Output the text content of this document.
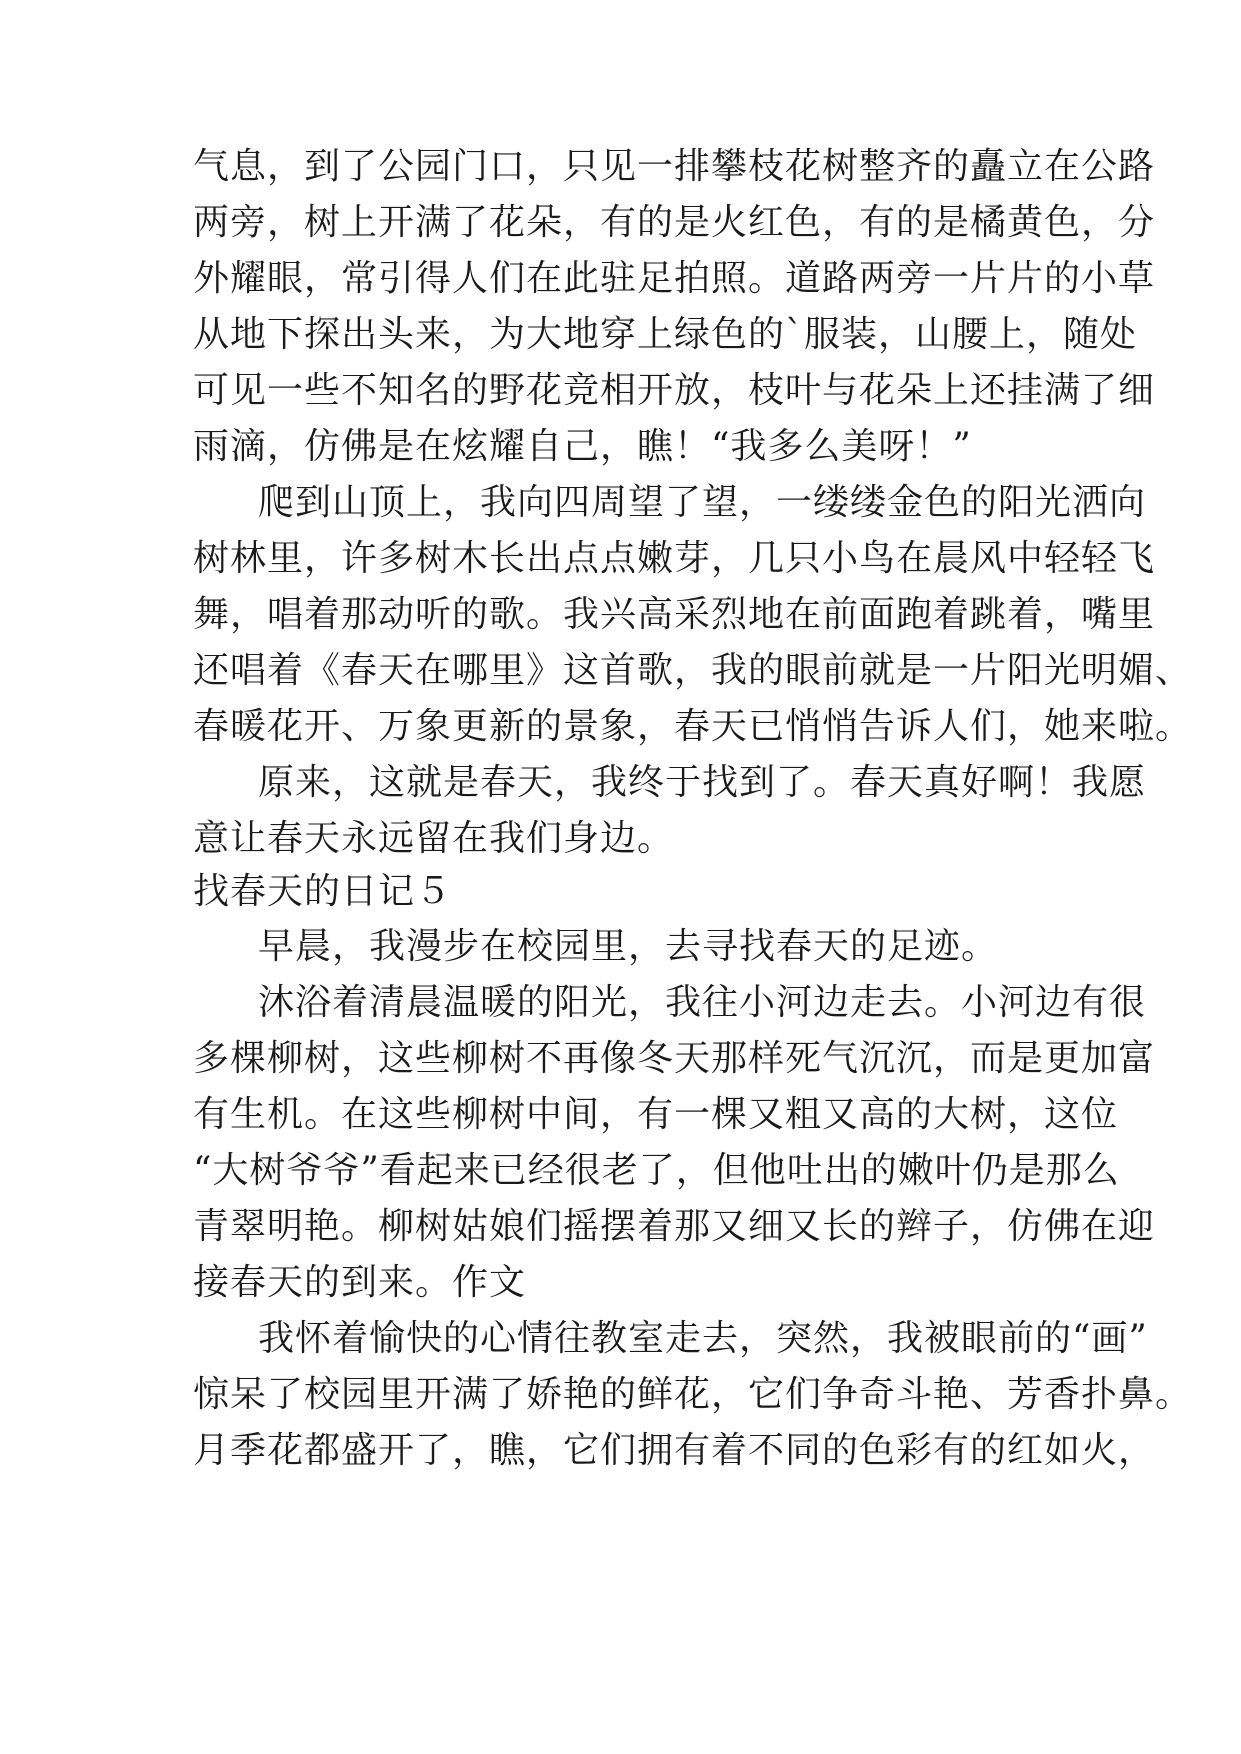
气息，到了公园门口，只见一排攀枝花树整齐的矗立在公路
两旁，树上开满了花朵，有的是火红色，有的是橘黄色，分
外耀眼，常引得人们在此驻足拍照。道路两旁一片片的小草
从地下探出头来，为大地穿上绿色的`服装，山腰上，随处
可见一些不知名的野花竞相开放，枝叶与花朵上还挂满了细
雨滴，仿佛是在炫耀自己，瞧！“我多么美呀！”
爬到山顶上，我向四周望了望，一缕缕金色的阳光洒向
树林里，许多树木长出点点嫩芽，几只小鸟在晨风中轻轻飞
舞，唱着那动听的歌。我兴高采烈地在前面跑着跳着，嘴里
还唱着《春天在哪里》这首歌，我的眼前就是一片阳光明媚、
春暖花开、万象更新的景象，春天已悄悄告诉人们，她来啦。
原来，这就是春天，我终于找到了。春天真好啊！我愿
意让春天永远留在我们身边。
找春天的日记５
早晨，我漫步在校园里，去寻找春天的足迹。
沐浴着清晨温暖的阳光，我往小河边走去。小河边有很
多棵柳树，这些柳树不再像冬天那样死气沉沉，而是更加富
有生机。在这些柳树中间，有一棵又粗又高的大树，这位
“大树爷爷”看起来已经很老了，但他吐出的嫩叶仍是那么
青翠明艳。柳树姑娘们摇摆着那又细又长的辫子，仿佛在迎
接春天的到来。作文
我怀着愉快的心情往教室走去，突然，我被眼前的“画”
惊呆了校园里开满了娇艳的鲜花，它们争奇斗艳、芳香扑鼻。
月季花都盛开了，瞧，它们拥有着不同的色彩有的红如火，
